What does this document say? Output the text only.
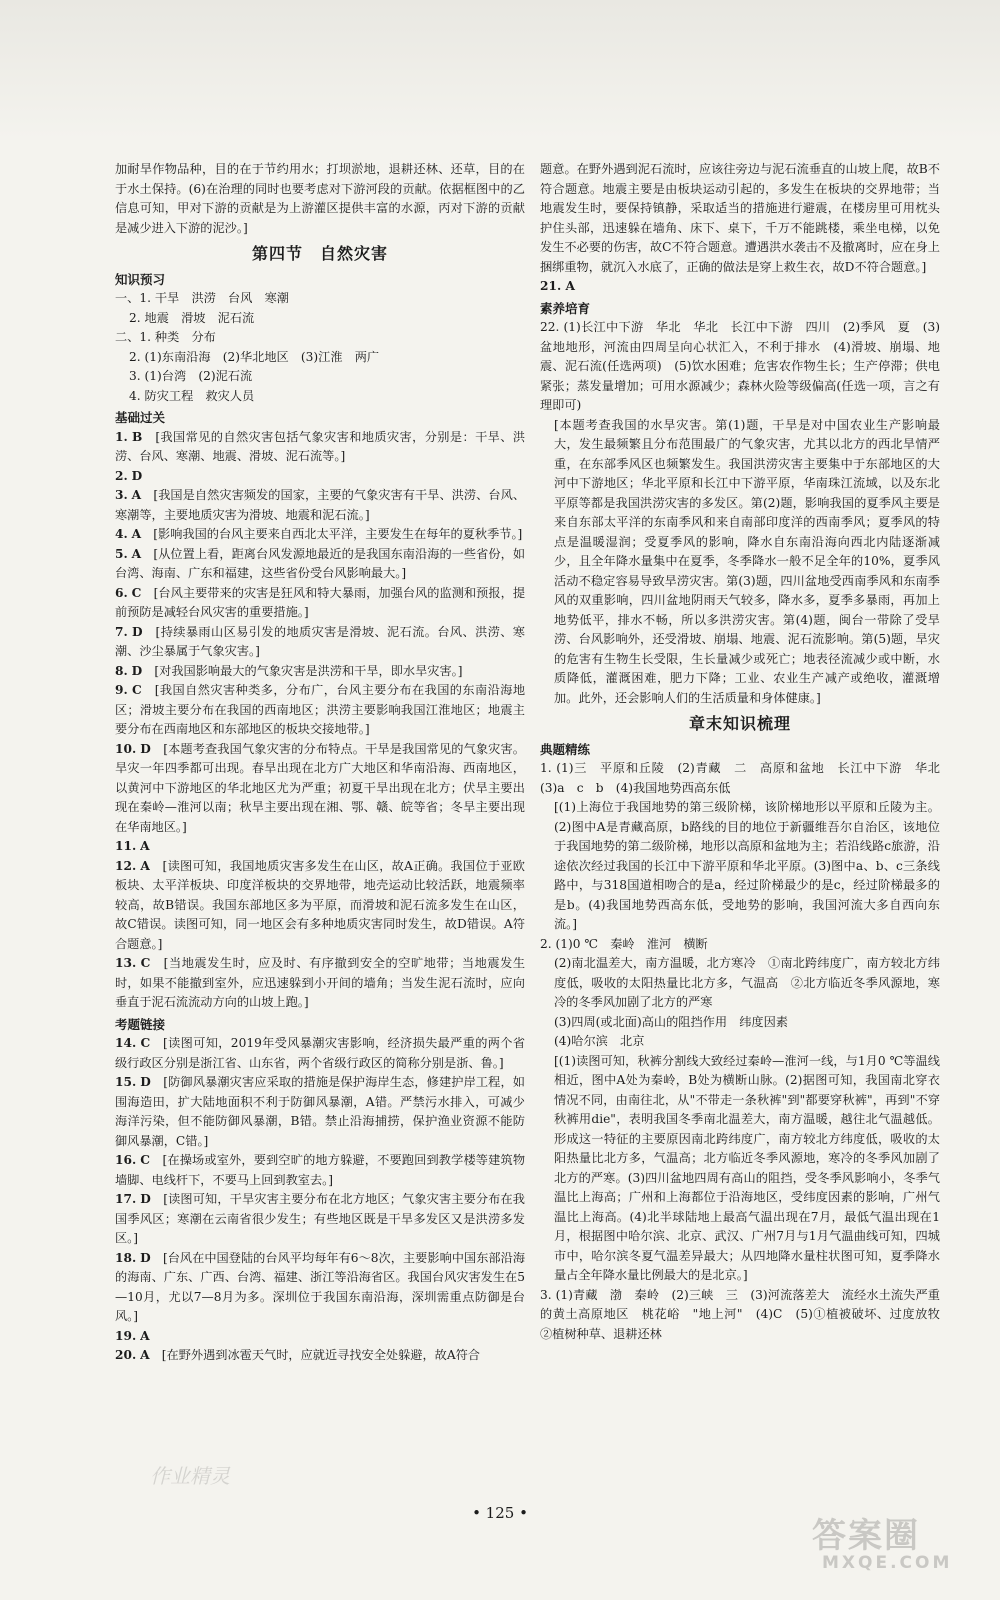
加耐旱作物品种，目的在于节约用水；打坝淤地，退耕还林、还草，目的在于水土保持。(6)在治理的同时也要考虑对下游河段的贡献。依据框图中的乙信息可知，甲对下游的贡献是为上游灌区提供丰富的水源，丙对下游的贡献是减少进入下游的泥沙。]

第四节　自然灾害
知识预习

一、1. 干旱　洪涝　台风　寒潮

2. 地震　滑坡　泥石流

二、1. 种类　分布

2. (1)东南沿海　(2)华北地区　(3)江淮　两广

3. (1)台湾　(2)泥石流

4. 防灾工程　救灾人员

基础过关

1. B　 [我国常见的自然灾害包括气象灾害和地质灾害，分别是：干旱、洪涝、台风、寒潮、地震、滑坡、泥石流等。]

2. D　

3. A　 [我国是自然灾害频发的国家，主要的气象灾害有干旱、洪涝、台风、寒潮等，主要地质灾害为滑坡、地震和泥石流。]

4. A　 [影响我国的台风主要来自西北太平洋，主要发生在每年的夏秋季节。]

5. A　 [从位置上看，距离台风发源地最近的是我国东南沿海的一些省份，如台湾、海南、广东和福建，这些省份受台风影响最大。]

6. C　 [台风主要带来的灾害是狂风和特大暴雨，加强台风的监测和预报，提前预防是减轻台风灾害的重要措施。]

7. D　 [持续暴雨山区易引发的地质灾害是滑坡、泥石流。台风、洪涝、寒潮、沙尘暴属于气象灾害。]

8. D　 [对我国影响最大的气象灾害是洪涝和干旱，即水旱灾害。]

9. C　 [我国自然灾害种类多，分布广，台风主要分布在我国的东南沿海地区；滑坡主要分布在我国的西南地区；洪涝主要影响我国江淮地区；地震主要分布在西南地区和东部地区的板块交接地带。]

10. D　 [本题考查我国气象灾害的分布特点。干旱是我国常见的气象灾害。旱灾一年四季都可出现。春旱出现在北方广大地区和华南沿海、西南地区，以黄河中下游地区的华北地区尤为严重；初夏干旱出现在北方；伏旱主要出现在秦岭—淮河以南；秋旱主要出现在湘、鄂、赣、皖等省；冬旱主要出现在华南地区。]

11. A　

12. A　 [读图可知，我国地质灾害多发生在山区，故A正确。我国位于亚欧板块、太平洋板块、印度洋板块的交界地带，地壳运动比较活跃，地震频率较高，故B错误。我国东部地区多为平原，而滑坡和泥石流多发生在山区，故C错误。读图可知，同一地区会有多种地质灾害同时发生，故D错误。A符合题意。]

13. C　 [当地震发生时，应及时、有序撤到安全的空旷地带；当地震发生时，如果不能撤到室外，应迅速躲到小开间的墙角；当发生泥石流时，应向垂直于泥石流流动方向的山坡上跑。]

考题链接

14. C　 [读图可知，2019年受风暴潮灾害影响，经济损失最严重的两个省级行政区分别是浙江省、山东省，两个省级行政区的简称分别是浙、鲁。]

15. D　 [防御风暴潮灾害应采取的措施是保护海岸生态，修建护岸工程，如围海造田，扩大陆地面积不利于防御风暴潮，A错。严禁污水排入，可减少海洋污染，但不能防御风暴潮，B错。禁止沿海捕捞，保护渔业资源不能防御风暴潮，C错。]

16. C　 [在操场或室外，要到空旷的地方躲避，不要跑回到教学楼等建筑物墙脚、电线杆下，不要马上回到教室去。]

17. D　 [读图可知，干旱灾害主要分布在北方地区；气象灾害主要分布在我国季风区；寒潮在云南省很少发生；有些地区既是干旱多发区又是洪涝多发区。]

18. D　 [台风在中国登陆的台风平均每年有6～8次，主要影响中国东部沿海的海南、广东、广西、台湾、福建、浙江等沿海省区。我国台风灾害发生在5—10月，尤以7—8月为多。深圳位于我国东南沿海，深圳需重点防御是台风。]

19. A　

20. A　 [在野外遇到冰雹天气时，应就近寻找安全处躲避，故A符合

题意。在野外遇到泥石流时，应该往旁边与泥石流垂直的山坡上爬，故B不符合题意。地震主要是由板块运动引起的，多发生在板块的交界地带；当地震发生时，要保持镇静，采取适当的措施进行避震，在楼房里可用枕头护住头部，迅速躲在墙角、床下、桌下，千万不能跳楼，乘坐电梯，以免发生不必要的伤害，故C不符合题意。遭遇洪水袭击不及撤离时，应在身上捆绑重物，就沉入水底了，正确的做法是穿上救生衣，故D不符合题意。]

21. A

素养培育

22. (1)长江中下游　华北　华北　长江中下游　四川　(2)季风　夏　(3)盆地地形，河流由四周呈向心状汇入，不利于排水　(4)滑坡、崩塌、地震、泥石流(任选两项)　(5)饮水困难；危害农作物生长；生产停滞；供电紧张；蒸发量增加；可用水源减少；森林火险等级偏高(任选一项，言之有理即可)

[本题考查我国的水旱灾害。第(1)题，干旱是对中国农业生产影响最大，发生最频繁且分布范围最广的气象灾害，尤其以北方的西北旱情严重，在东部季风区也频繁发生。我国洪涝灾害主要集中于东部地区的大河中下游地区；华北平原和长江中下游平原，华南珠江流域，以及东北平原等都是我国洪涝灾害的多发区。第(2)题，影响我国的夏季风主要是来自东部太平洋的东南季风和来自南部印度洋的西南季风；夏季风的特点是温暖湿润；受夏季风的影响，降水自东南沿海向西北内陆逐渐减少，且全年降水量集中在夏季，冬季降水一般不足全年的10%，夏季风活动不稳定容易导致旱涝灾害。第(3)题，四川盆地受西南季风和东南季风的双重影响，四川盆地阴雨天气较多，降水多，夏季多暴雨，再加上地势低平，排水不畅，所以多洪涝灾害。第(4)题，闽台一带除了受旱涝、台风影响外，还受滑坡、崩塌、地震、泥石流影响。第(5)题，旱灾的危害有生物生长受限，生长量减少或死亡；地表径流减少或中断，水质降低，灌溉困难，肥力下降；工业、农业生产减产或绝收，灌溉增加。此外，还会影响人们的生活质量和身体健康。]

章末知识梳理
典题精练

1. (1)三　平原和丘陵　(2)青藏　二　高原和盆地　长江中下游　华北　(3)a　c　b　(4)我国地势西高东低

[(1)上海位于我国地势的第三级阶梯，该阶梯地形以平原和丘陵为主。(2)图中A是青藏高原，b路线的目的地位于新疆维吾尔自治区，该地位于我国地势的第二级阶梯，地形以高原和盆地为主；若沿线路c旅游，沿途依次经过我国的长江中下游平原和华北平原。(3)图中a、b、c三条线路中，与318国道相吻合的是a，经过阶梯最少的是c，经过阶梯最多的是b。(4)我国地势西高东低，受地势的影响，我国河流大多自西向东流。]

2. (1)0 ℃　秦岭　淮河　横断

(2)南北温差大，南方温暖，北方寒冷　①南北跨纬度广，南方较北方纬度低，吸收的太阳热量比北方多，气温高　②北方临近冬季风源地，寒冷的冬季风加剧了北方的严寒

(3)四周(或北面)高山的阻挡作用　纬度因素

(4)哈尔滨　北京

[(1)读图可知，秋裤分割线大致经过秦岭—淮河一线，与1月0 ℃等温线相近，图中A处为秦岭，B处为横断山脉。(2)据图可知，我国南北穿衣情况不同，由南往北，从"不带走一条秋裤"到"都要穿秋裤"，再到"不穿秋裤用die"，表明我国冬季南北温差大，南方温暖，越往北气温越低。形成这一特征的主要原因南北跨纬度广，南方较北方纬度低，吸收的太阳热量比北方多，气温高；北方临近冬季风源地，寒冷的冬季风加剧了北方的严寒。(3)四川盆地四周有高山的阻挡，受冬季风影响小，冬季气温比上海高；广州和上海都位于沿海地区，受纬度因素的影响，广州气温比上海高。(4)北半球陆地上最高气温出现在7月，最低气温出现在1月，根据图中哈尔滨、北京、武汉、广州7月与1月气温曲线可知，四城市中，哈尔滨冬夏气温差异最大；从四地降水量柱状图可知，夏季降水量占全年降水量比例最大的是北京。]

3. (1)青藏　渤　秦岭　(2)三峡　三　(3)河流落差大　流经水土流失严重的黄土高原地区　桃花峪　"地上河"　(4)C　(5)①植被破坏、过度放牧　②植树种草、退耕还林

作业精灵
• 125 •
答案圈
MXQE.COM
